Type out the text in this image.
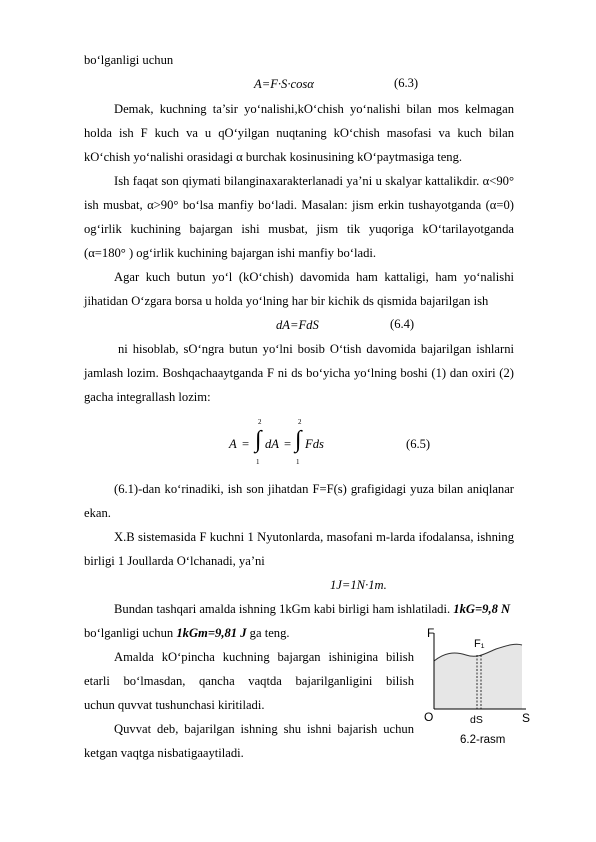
bo‘lganligi uchun
A=F·S·cosα	(6.3)
Demak, kuchning ta’sir yo‘nalishi,kO‘chish yo‘nalishi bilan mos kelmagan
holda ish F kuch va u qO‘yilgan nuqtaning kO‘chish masofasi va kuch bilan
kO‘chish yo‘nalishi orasidagi α burchak kosinusining kO‘paytmasiga teng.
Ish faqat son qiymati bilanginaxarakterlanadi ya’ni u skalyar kattalikdir. α<90°
ish musbat, α>90° bo‘lsa manfiy bo‘ladi. Masalan: jism erkin tushayotganda (α=0)
og‘irlik kuchining bajargan ishi musbat, jism tik yuqoriga kO‘tarilayotganda
(α=180° ) og‘irlik kuchining bajargan ishi manfiy bo‘ladi.
Agar kuch butun yo‘l (kO‘chish) davomida ham kattaligi, ham yo‘nalishi
jihatidan O‘zgara borsa u holda yo‘lning har bir kichik ds qismida bajarilgan ish
dA=FdS	(6.4)
ni hisoblab, sO‘ngra butun yo‘lni bosib O‘tish davomida bajarilgan ishlarni
jamlash lozim. Boshqachaaytganda F ni ds bo‘yicha yo‘lning boshi (1) dan oxiri (2)
gacha integrallash lozim:
A = ∫
2
1
dA = ∫
2
1
Fds	(6.5)
(6.1)-dan ko‘rinadiki, ish son jihatdan F=F(s) grafigidagi yuza bilan aniqlanar
ekan.
X.B sistemasida F kuchni 1 Nyutonlarda, masofani m-larda ifodalansa, ishning
birligi 1 Joullarda O‘lchanadi, ya’ni
1J=1N·1m.
Bundan tashqari amalda ishning 1kGm kabi birligi ham ishlatiladi. 1kG=9,8 N
bo‘lganligi uchun 1kGm=9,81 J ga teng.
Amalda kO‘pincha kuchning bajargan ishinigina bilish
etarli bo‘lmasdan, qancha vaqtda bajarilganligini bilish
uchun quvvat tushunchasi kiritiladi.
Quvvat deb, bajarilgan ishning shu ishni bajarish uchun
ketgan vaqtga nisbatigaaytiladi.
F
F₁
O	dS	S
6.2-rasm
